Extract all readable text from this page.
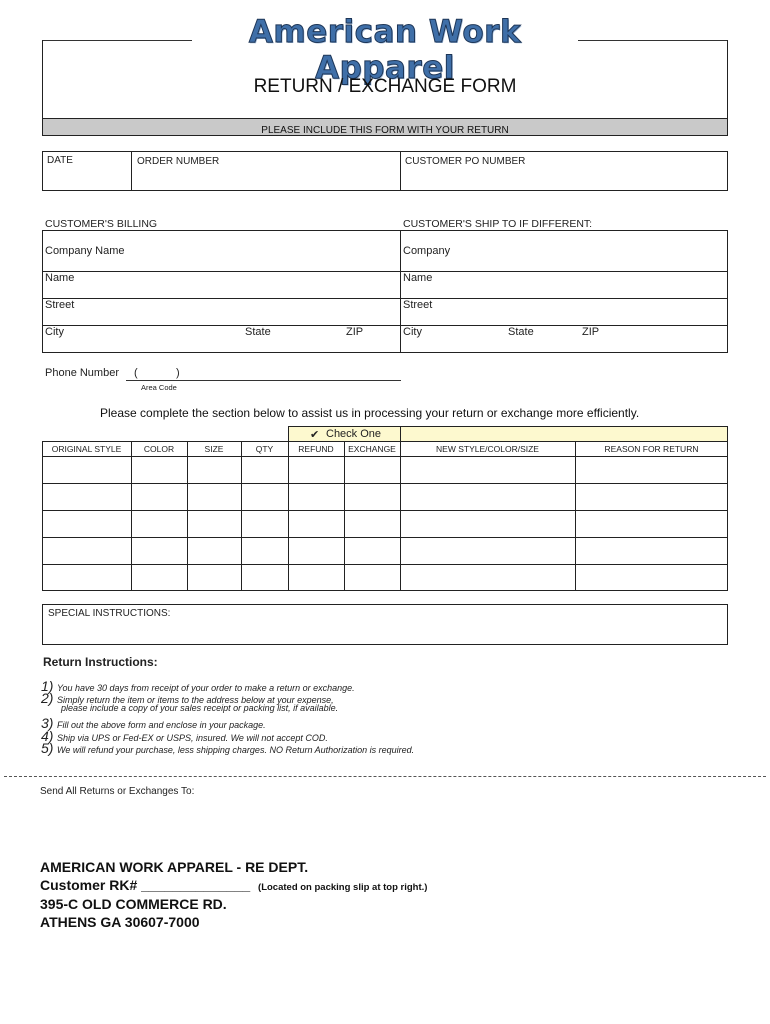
American Work Apparel
RETURN / EXCHANGE FORM
PLEASE INCLUDE THIS FORM WITH YOUR RETURN
DATE	ORDER NUMBER	CUSTOMER PO NUMBER
CUSTOMER'S BILLING	CUSTOMER'S SHIP TO IF DIFFERENT:
Company Name
Name
Street
City	State	ZIP
Company
Name
Street
City	State	ZIP
Phone Number (	)
Area Code
Please complete the section below to assist us in processing your return or exchange more efficiently.
✔ Check One
ORIGINAL STYLE	COLOR	SIZE	QTY	REFUND	EXCHANGE	NEW STYLE/COLOR/SIZE	REASON FOR RETURN
SPECIAL INSTRUCTIONS:
Return Instructions:
1) You have 30 days from receipt of your order to make a return or exchange.
2) Simply return the item or items to the address below at your expense,
please include a copy of your sales receipt or packing list, if available.
3) Fill out the above form and enclose in your package.
4) Ship via UPS or Fed-EX or USPS, insured. We will not accept COD.
5) We will refund your purchase, less shipping charges. NO Return Authorization is required.
Send All Returns or Exchanges To:
AMERICAN WORK APPAREL - RE DEPT.
Customer RK# ______________ (Located on packing slip at top right.)
395-C OLD COMMERCE RD.
ATHENS GA 30607-7000
